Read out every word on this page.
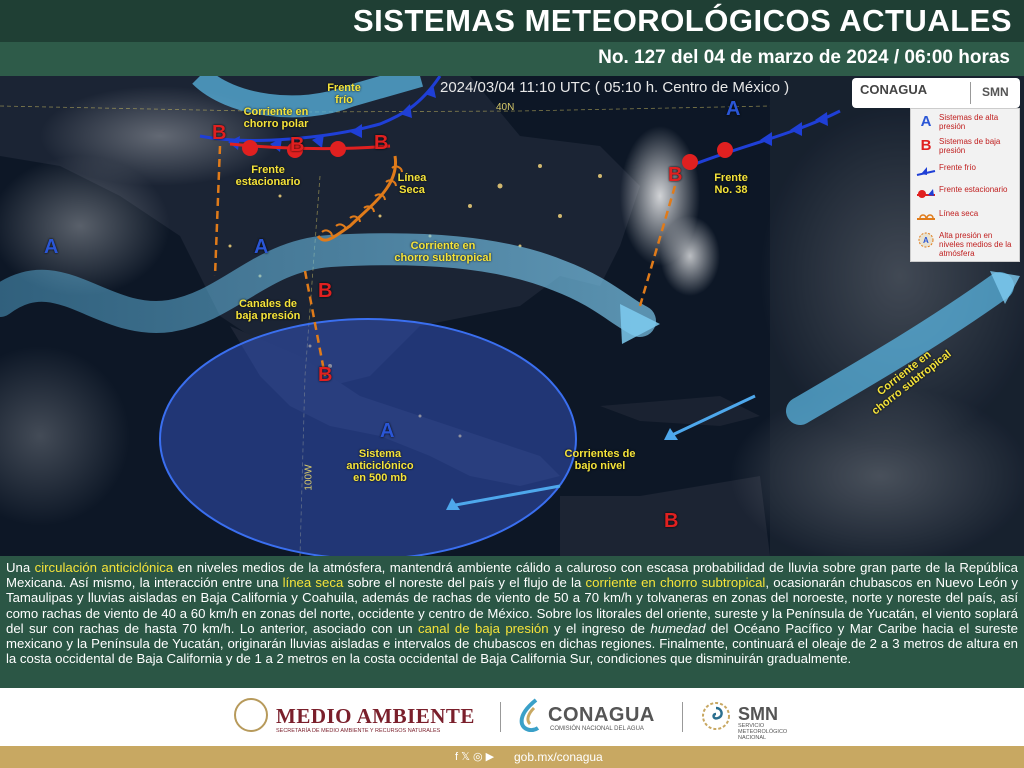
SISTEMAS METEOROLÓGICOS ACTUALES
No. 127 del 04 de marzo de 2024 / 06:00 horas
2024/03/04 11:10 UTC ( 05:10 h. Centro de México )
Frente
frío
Corriente en
chorro polar
Frente
estacionario	Línea
Seca
Corriente en
chorro subtropical
Canales de
baja presión
Sistema
anticiclónico
en 500 mb
Corrientes de
bajo nivel
Frente
No. 38
Corriente en
chorro subtropical
100W
40N
A	A
A
A
B
B	B
B
B
B
B
CONAGUA	SMN
A Sistemas de alta presión
B Sistemas de baja presión
Frente frío
Frente estacionario
Línea seca
A
Alta presión en niveles medios de la atmósfera

Una circulación anticiclónica en niveles medios de la atmósfera, mantendrá ambiente cálido a caluroso con escasa probabilidad de lluvia sobre gran parte de la República Mexicana. Así mismo, la interacción entre una línea seca sobre el noreste del país y el flujo de la corriente en chorro subtropical, ocasionarán chubascos en Nuevo León y Tamaulipas y lluvias aisladas en Baja California y Coahuila, además de rachas de viento de 50 a 70 km/h y tolvaneras en zonas del noroeste, norte y noreste del país, así como rachas de viento de 40 a 60 km/h en zonas del norte, occidente y centro de México. Sobre los litorales del oriente, sureste y la Península de Yucatán, el viento soplará del sur con rachas de hasta 70 km/h. Lo anterior, asociado con un canal de baja presión y el ingreso de humedad del Océano Pacífico y Mar Caribe hacia el sureste mexicano y la Península de Yucatán, originarán lluvias aisladas e intervalos de chubascos en dichas regiones. Finalmente, continuará el oleaje de 2 a 3 metros de altura en la costa occidental de Baja California y de 1 a 2 metros en la costa occidental de Baja California Sur, condiciones que disminuirán gradualmente.

MEDIO AMBIENTE
SECRETARÍA DE MEDIO AMBIENTE Y RECURSOS NATURALES
CONAGUA
COMISIÓN NACIONAL DEL AGUA
SMN
SERVICIO
METEOROLÓGICO
NACIONAL
f 𝕏 ◎ ▶ gob.mx/conagua
